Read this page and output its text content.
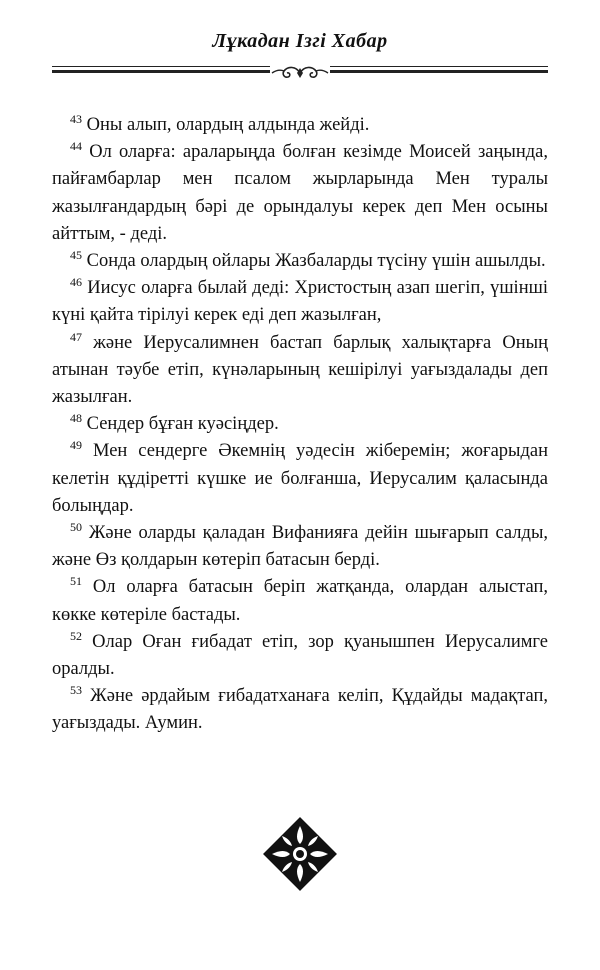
Лұкадан Ізгі Хабар

$^{43}$ Оны алып, олардың алдында жейді.

$^{44}$ Ол оларға: араларыңда болған кезімде Моисей заңында, пайғамбарлар мен псалом жырларында Мен туралы жазылғандардың бәрі де орындалуы керек деп Мен осыны айттым, - деді.

$^{45}$ Сонда олардың ойлары Жазбаларды түсіну үшін ашылды.

$^{46}$ Иисус оларға былай деді: Христостың азап шегіп, үшінші күні қайта тірілуі керек еді деп жазылған,

$^{47}$ және Иерусалимнен бастап барлық халықтарға Оның атынан тәубе етіп, күнәларының кешірілуі уағыздалады деп жазылған.

$^{48}$ Сендер бұған куәсіңдер.

$^{49}$ Мен сендерге Әкемнің уәдесін жіберемін; жоғарыдан келетін құдіретті күшке ие болғанша, Иерусалим қаласында болыңдар.

$^{50}$ Және оларды қаладан Вифанияға дейін шығарып салды, және Өз қолдарын көтеріп батасын берді.

$^{51}$ Ол оларға батасын беріп жатқанда, олардан алыстап, көкке көтеріле бастады.

$^{52}$ Олар Оған ғибадат етіп, зор қуанышпен Иерусалимге оралды.

$^{53}$ Және әрдайым ғибадатханаға келіп, Құдайды мадақтап, уағыздады. Аумин.
